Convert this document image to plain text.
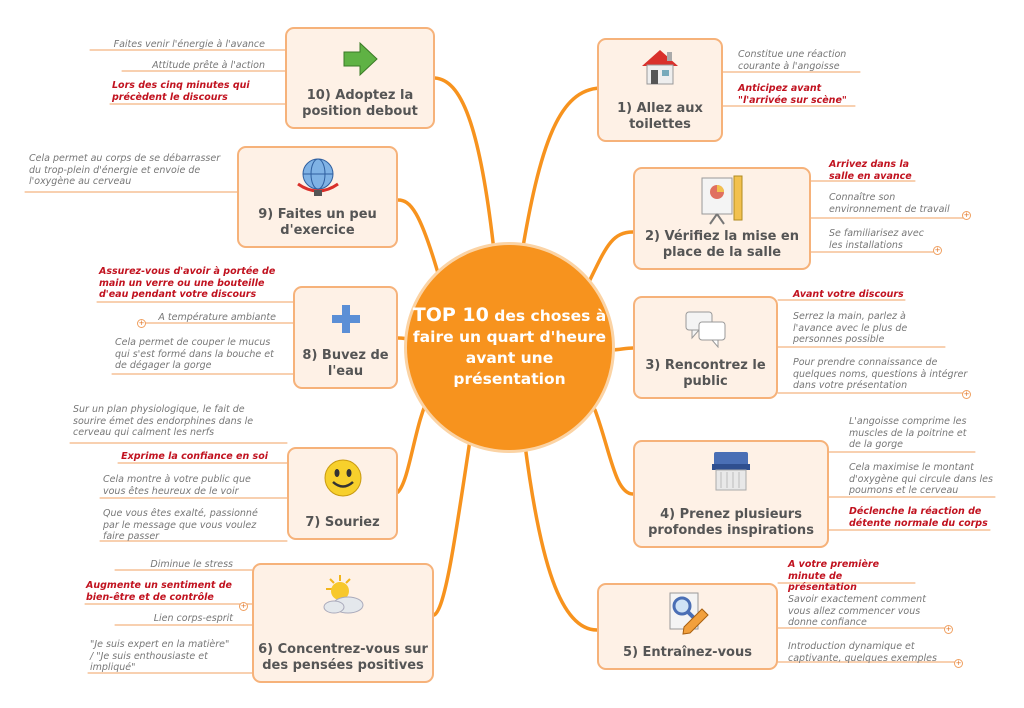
TOP 10 des choses à faire un quart d'heure avant une présentation
1) Allez aux toilettes
2) Vérifiez la mise en place de la salle
3) Rencontrez le public
4) Prenez plusieurs profondes inspirations
5) Entraînez-vous
6) Concentrez-vous sur des pensées positives
7) Souriez
8) Buvez de l'eau
9) Faites un peu d'exercice
10) Adoptez la position debout
Constitue une réaction courante à l'angoisse
Anticipez avant "l'arrivée sur scène"
Arrivez dans la salle en avance
Connaître son environnement de travail
Se familiarisez avec les installations
Avant votre discours
Serrez la main, parlez à l'avance avec le plus de personnes possible
Pour prendre connaissance de quelques noms, questions à intégrer dans votre présentation
L'angoisse comprime les muscles de la poitrine et de la gorge
Cela maximise le montant d'oxygène qui circule dans les poumons et le cerveau
Déclenche la réaction de détente normale du corps
A votre première minute de présentation
Savoir exactement comment vous allez commencer vous donne confiance
Introduction dynamique et captivante, quelques exemples
Diminue le stress
Augmente un sentiment de bien-être et de contrôle
Lien corps-esprit
"Je suis expert en la matière" / "Je suis enthousiaste et impliqué"
Sur un plan physiologique, le fait de sourire émet des endorphines dans le cerveau qui calment les nerfs
Exprime la confiance en soi
Cela montre à votre public que vous êtes heureux de le voir
Que vous êtes exalté, passionné par le message que vous voulez faire passer
Assurez-vous d'avoir à portée de main un verre ou une bouteille d'eau pendant votre discours
A température ambiante
Cela permet de couper le mucus qui s'est formé dans la bouche et de dégager la gorge
Cela permet au corps de se débarrasser du trop-plein d'énergie et envoie de l'oxygène au cerveau
Faites venir l'énergie à l'avance
Attitude prête à l'action
Lors des cinq minutes qui précèdent le discours
+
+
+
+
+
+
+
